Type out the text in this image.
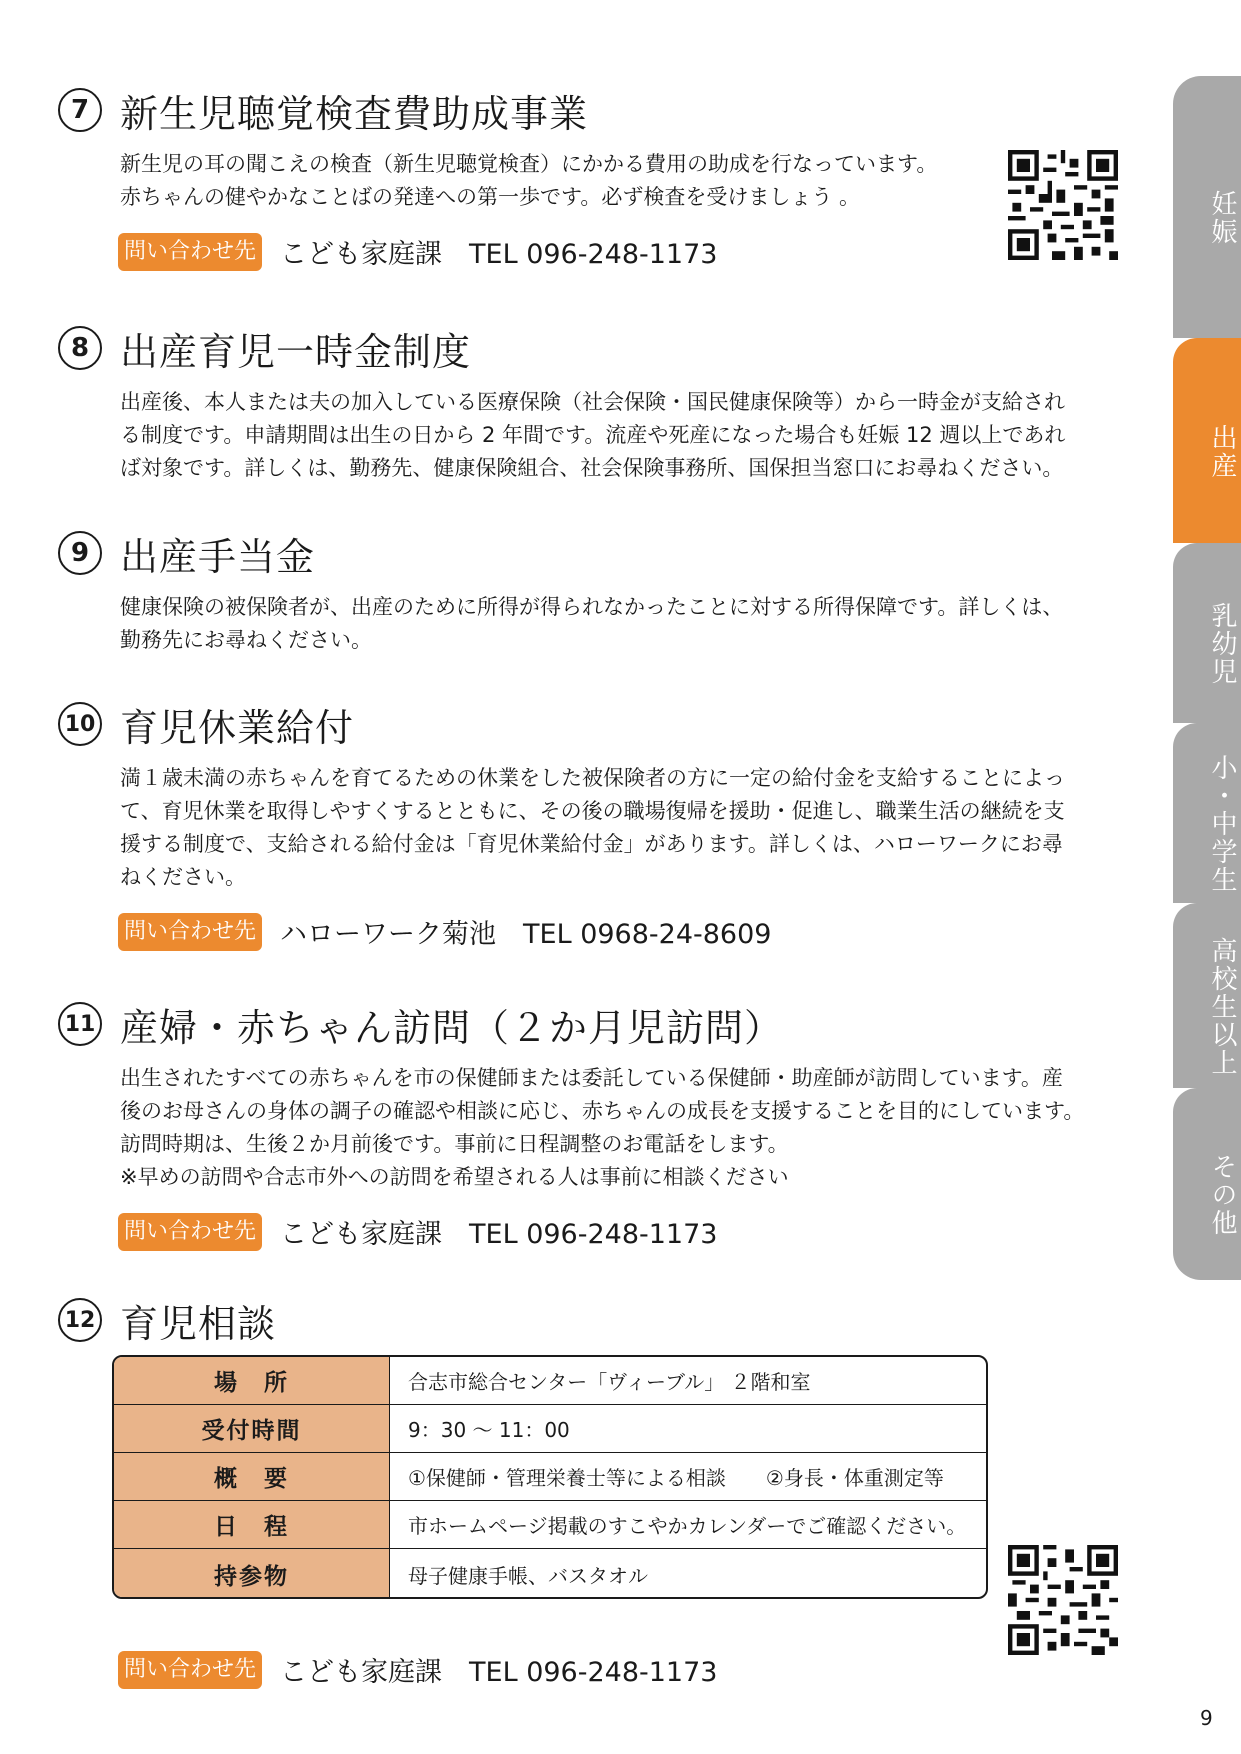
7 新生児聴覚検査費助成事業

新生児の耳の聞こえの検査（新生児聴覚検査）にかかる費用の助成を行なっています。

赤ちゃんの健やかなことばの発達への第一歩です。必ず検査を受けましょう 。

問い合わせ先 こども家庭課　TEL 096-248-1173
8 出産育児一時金制度

出産後、本人または夫の加入している医療保険（社会保険・国民健康保険等）から一時金が支給され

る制度です。申請期間は出生の日から 2 年間です。流産や死産になった場合も妊娠 12 週以上であれ

ば対象です。詳しくは、勤務先、健康保険組合、社会保険事務所、国保担当窓口にお尋ねください。

9 出産手当金

健康保険の被保険者が、出産のために所得が得られなかったことに対する所得保障です。詳しくは、

勤務先にお尋ねください。

10 育児休業給付

満１歳未満の赤ちゃんを育てるための休業をした被保険者の方に一定の給付金を支給することによっ

て、育児休業を取得しやすくするとともに、その後の職場復帰を援助・促進し、職業生活の継続を支

援する制度で、支給される給付金は「育児休業給付金」があります。詳しくは、ハローワークにお尋

ねください。

問い合わせ先 ハローワーク菊池　TEL 0968-24-8609
11 産婦・赤ちゃん訪問（２か月児訪問）

出生されたすべての赤ちゃんを市の保健師または委託している保健師・助産師が訪問しています。産

後のお母さんの身体の調子の確認や相談に応じ、赤ちゃんの成長を支援することを目的にしています。

訪問時期は、生後２か月前後です。事前に日程調整のお電話をします。

※早めの訪問や合志市外への訪問を希望される人は事前に相談ください

問い合わせ先 こども家庭課　TEL 096-248-1173
12 育児相談
場　所	合志市総合センター「ヴィーブル」 ２階和室
受付時間	9：30 〜 11：00
概　要	①保健師・管理栄養士等による相談　　②身長・体重測定等
日　程	市ホームページ掲載のすこやかカレンダーでご確認ください。
持参物	母子健康手帳、バスタオル
問い合わせ先 こども家庭課　TEL 096-248-1173
妊娠
出産
乳幼児
小・中学生
高校生以上
その他
9
